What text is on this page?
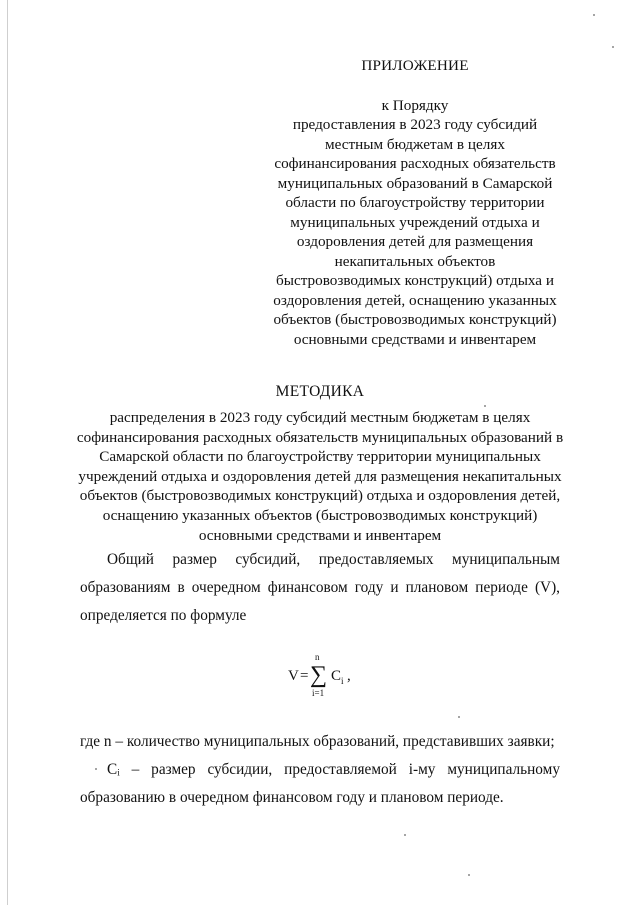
ПРИЛОЖЕНИЕ
к Порядку
предоставления в 2023 году субсидий
местным бюджетам в целях
софинансирования расходных обязательств
муниципальных образований в Самарской
области по благоустройству территории
муниципальных учреждений отдыха и
оздоровления детей для размещения
некапитальных объектов
быстровозводимых конструкций) отдыха и
оздоровления детей, оснащению указанных
объектов (быстровозводимых конструкций)
основными средствами и инвентарем
МЕТОДИКА
распределения в 2023 году субсидий местным бюджетам в целях
софинансирования расходных обязательств муниципальных образований в
Самарской области по благоустройству территории муниципальных
учреждений отдыха и оздоровления детей для размещения некапитальных
объектов (быстровозводимых конструкций) отдыха и оздоровления детей,
оснащению указанных объектов (быстровозводимых конструкций)
основными средствами и инвентарем
Общий размер субсидий, предоставляемых муниципальным
образованиям в очередном финансовом году и плановом периоде (V),
определяется по формуле
V =
n
∑
i=1
C i ,
где n – количество муниципальных образований, представивших заявки;
Cᵢ – размер субсидии, предоставляемой i-му муниципальному
образованию в очередном финансовом году и плановом периоде.
